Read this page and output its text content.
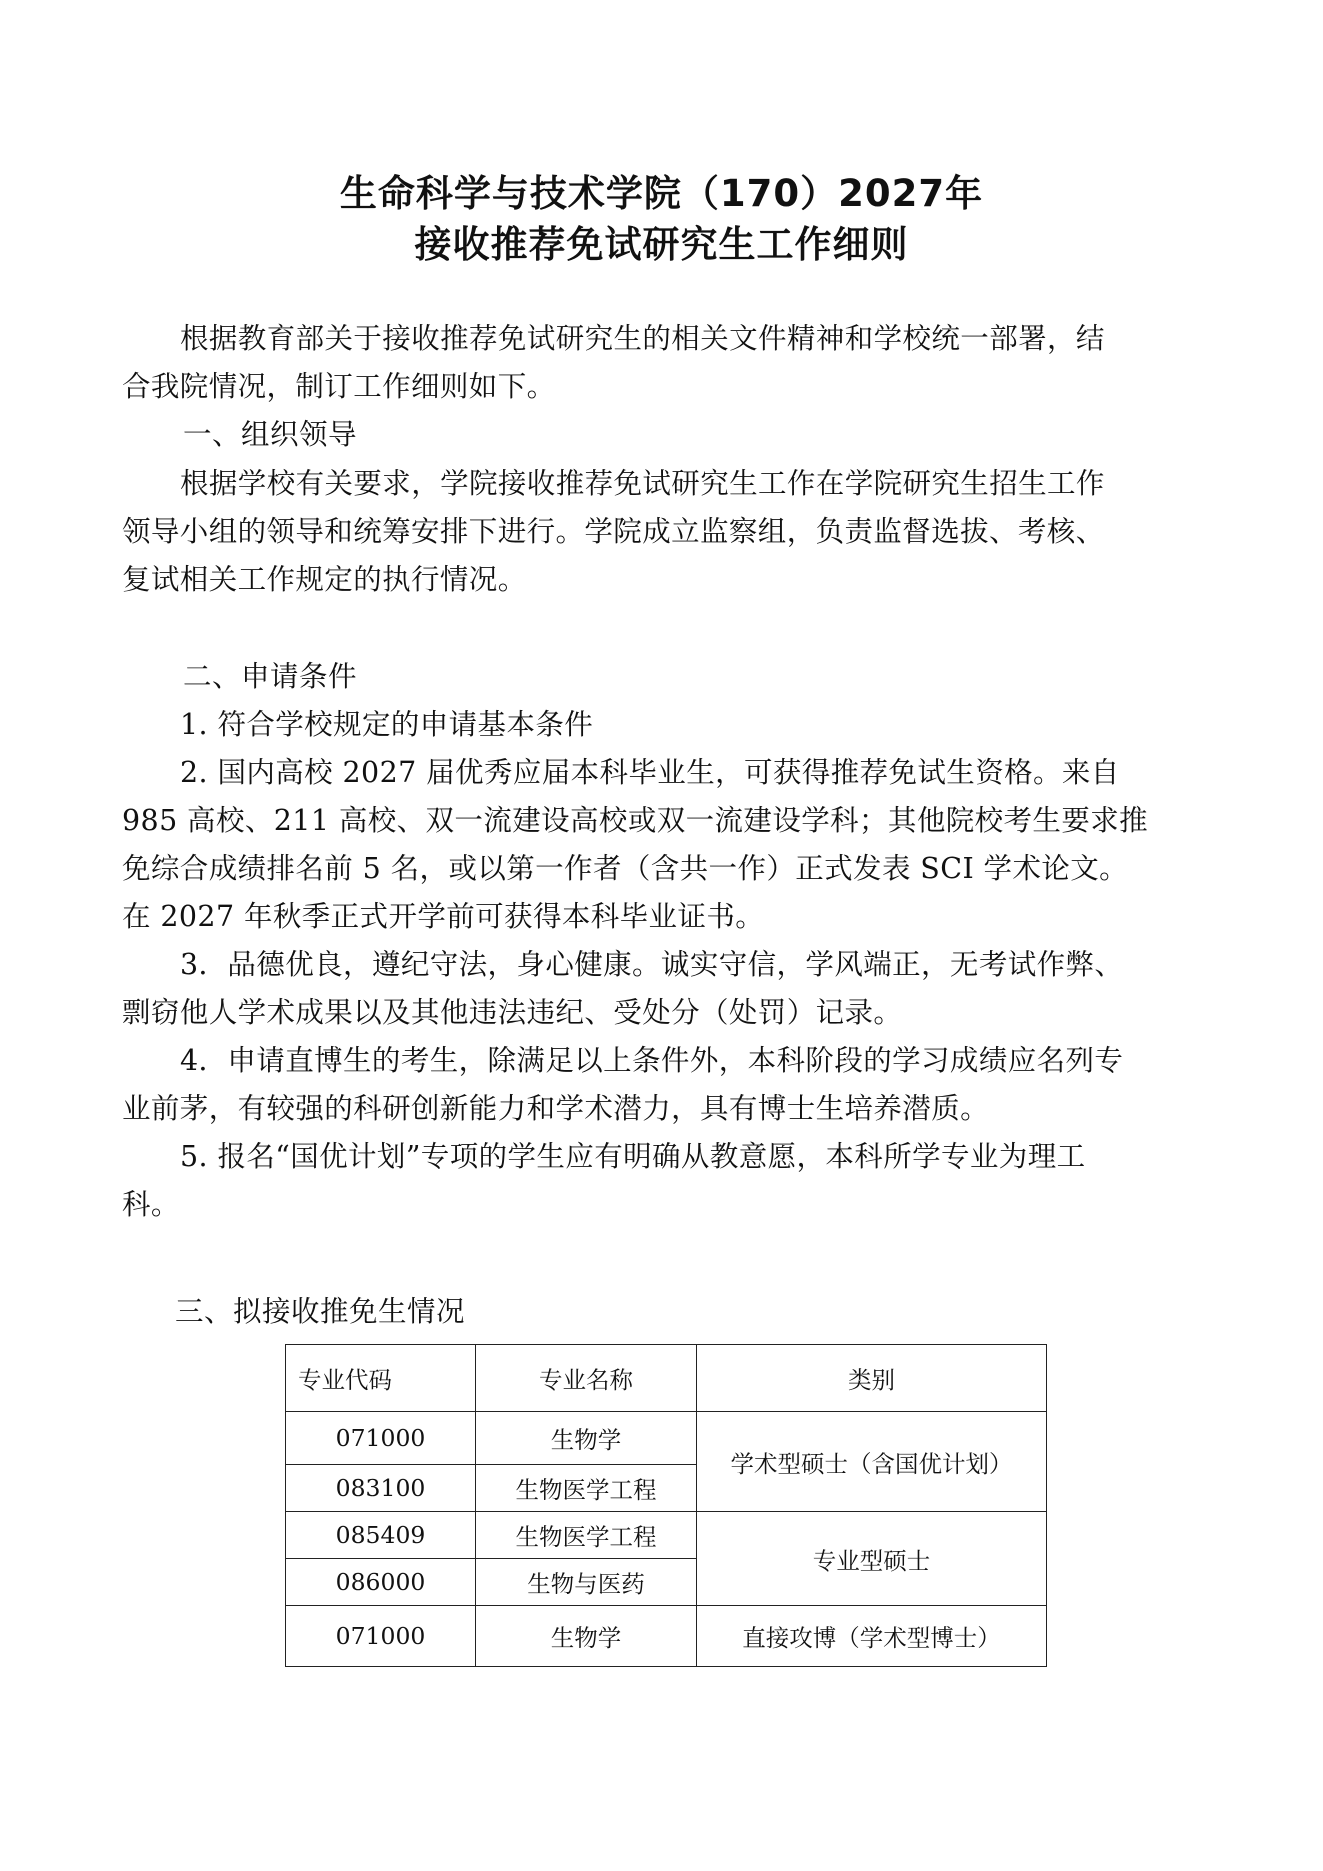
生命科学与技术学院（170）2027年
接收推荐免试研究生工作细则
根据教育部关于接收推荐免试研究生的相关文件精神和学校统一部署，结
合我院情况，制订工作细则如下。
一、组织领导
根据学校有关要求，学院接收推荐免试研究生工作在学院研究生招生工作
领导小组的领导和统筹安排下进行。学院成立监察组，负责监督选拔、考核、
复试相关工作规定的执行情况。
二、申请条件
1. 符合学校规定的申请基本条件
2. 国内高校 2027 届优秀应届本科毕业生，可获得推荐免试生资格。来自
985 高校、211 高校、双一流建设高校或双一流建设学科；其他院校考生要求推
免综合成绩排名前 5 名，或以第一作者（含共一作）正式发表 SCI 学术论文。
在 2027 年秋季正式开学前可获得本科毕业证书。
3．品德优良，遵纪守法，身心健康。诚实守信，学风端正，无考试作弊、
剽窃他人学术成果以及其他违法违纪、受处分（处罚）记录。
4．申请直博生的考生，除满足以上条件外，本科阶段的学习成绩应名列专
业前茅，有较强的科研创新能力和学术潜力，具有博士生培养潜质。
5. 报名“国优计划”专项的学生应有明确从教意愿，本科所学专业为理工
科。
三、拟接收推免生情况
专业代码	专业名称	类别
071000	生物学	学术型硕士（含国优计划）
083100	生物医学工程	
085409	生物医学工程	专业型硕士
086000	生物与医药	
071000	生物学	直接攻博（学术型博士）
